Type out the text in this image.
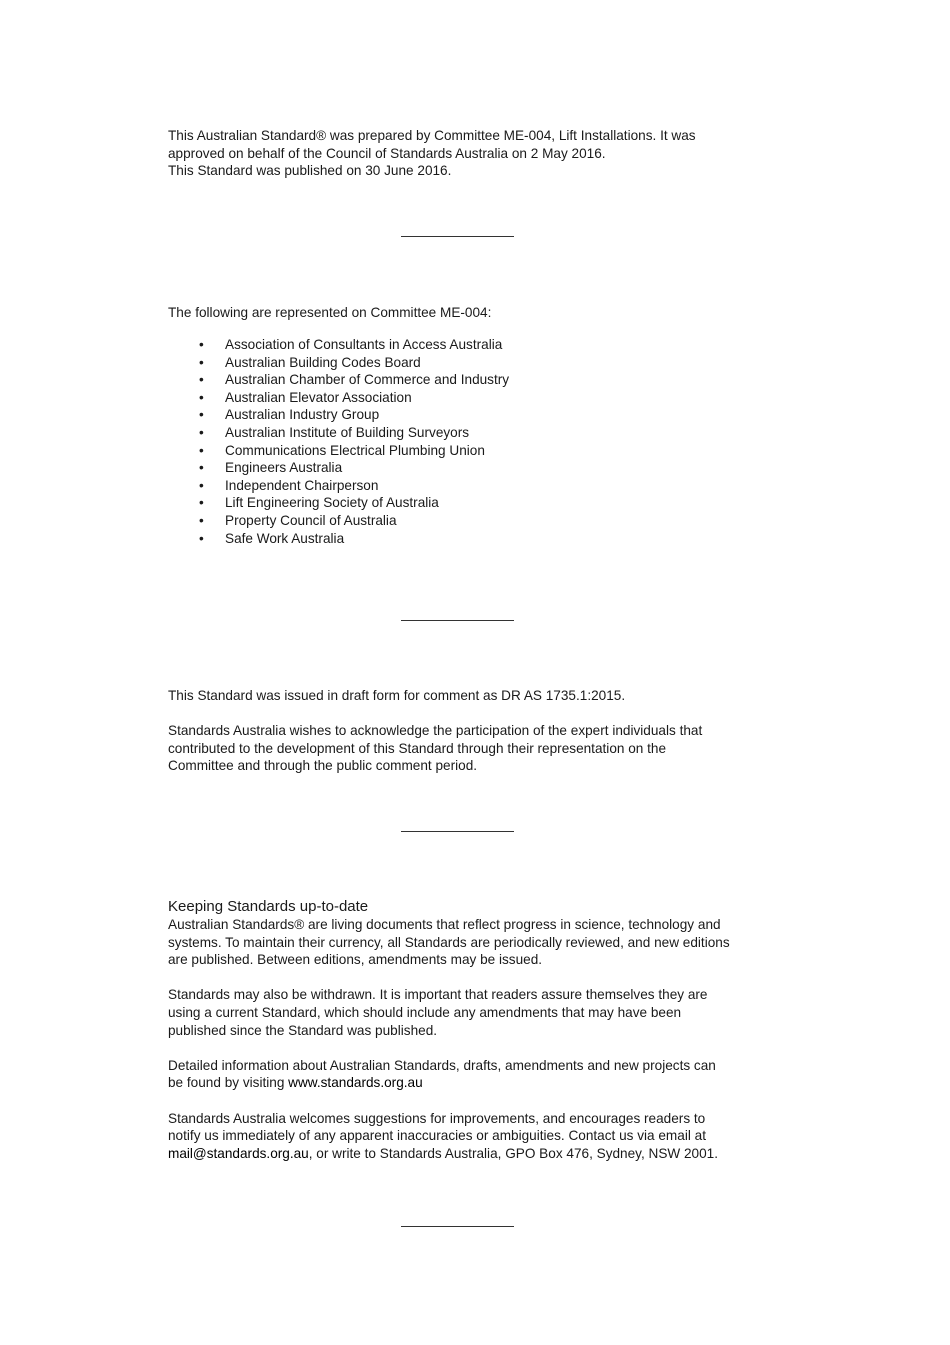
This Australian Standard® was prepared by Committee ME-004, Lift Installations. It was
approved on behalf of the Council of Standards Australia on 2 May 2016.
This Standard was published on 30 June 2016.
The following are represented on Committee ME-004:
• Association of Consultants in Access Australia
• Australian Building Codes Board
• Australian Chamber of Commerce and Industry
• Australian Elevator Association
• Australian Industry Group
• Australian Institute of Building Surveyors
• Communications Electrical Plumbing Union
• Engineers Australia
• Independent Chairperson
• Lift Engineering Society of Australia
• Property Council of Australia
• Safe Work Australia

This Standard was issued in draft form for comment as DR AS 1735.1:2015.

Standards Australia wishes to acknowledge the participation of the expert individuals that
contributed to the development of this Standard through their representation on the
Committee and through the public comment period.

Keeping Standards up-to-date

Australian Standards® are living documents that reflect progress in science, technology and
systems. To maintain their currency, all Standards are periodically reviewed, and new editions
are published. Between editions, amendments may be issued.

Standards may also be withdrawn. It is important that readers assure themselves they are
using a current Standard, which should include any amendments that may have been
published since the Standard was published.

Detailed information about Australian Standards, drafts, amendments and new projects can
be found by visiting www.standards.org.au

Standards Australia welcomes suggestions for improvements, and encourages readers to
notify us immediately of any apparent inaccuracies or ambiguities. Contact us via email at
mail@standards.org.au, or write to Standards Australia, GPO Box 476, Sydney, NSW 2001.
